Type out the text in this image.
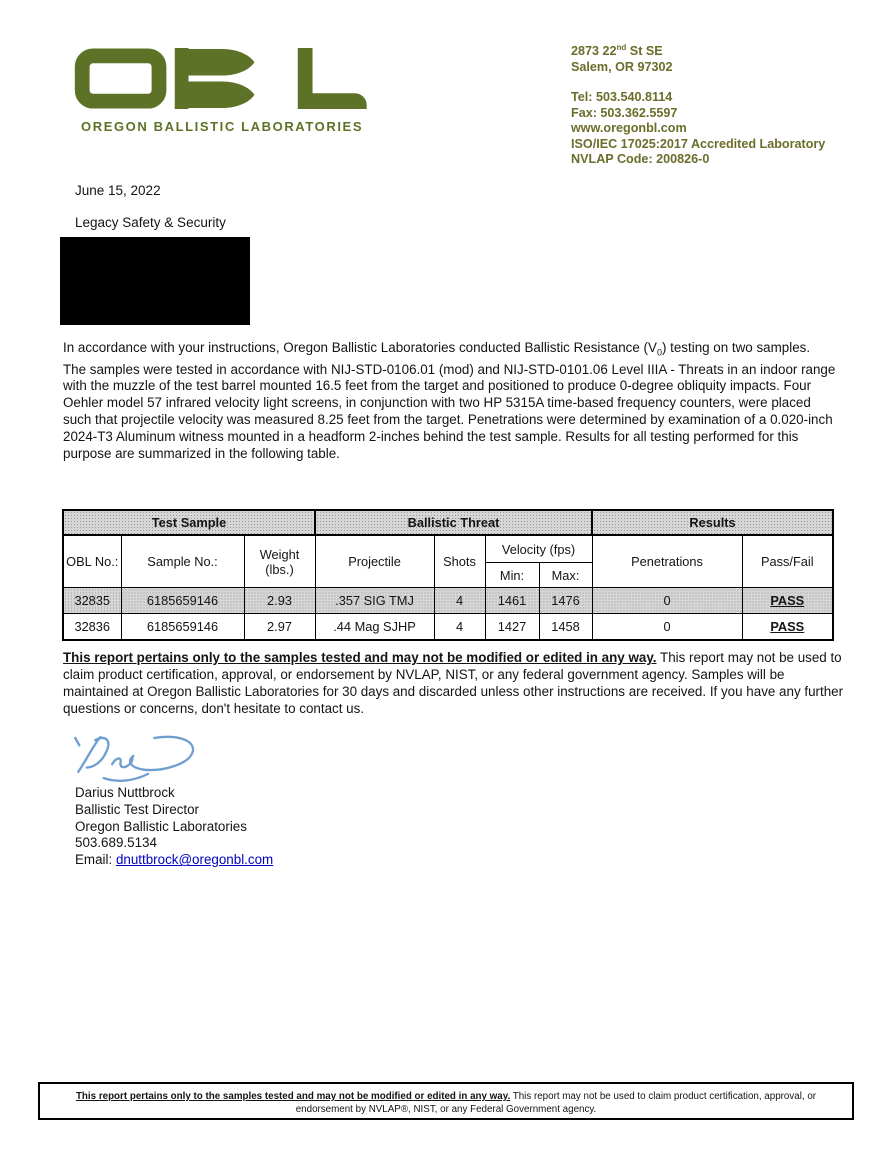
OREGON BALLISTIC LABORATORIES
2873 22nd St SE
Salem, OR 97302
Tel: 503.540.8114
Fax: 503.362.5597
www.oregonbl.com
ISO/IEC 17025:2017 Accredited Laboratory
NVLAP Code: 200826-0
June 15, 2022
Legacy Safety & Security

In accordance with your instructions, Oregon Ballistic Laboratories conducted Ballistic Resistance $(V_0)$ testing on two samples.

The samples were tested in accordance with NIJ-STD-0106.01 (mod) and NIJ-STD-0101.06 Level IIIA - Threats in an indoor range with the muzzle of the test barrel mounted 16.5 feet from the target and positioned to produce 0-degree obliquity impacts. Four Oehler model 57 infrared velocity light screens, in conjunction with two HP 5315A time-based frequency counters, were placed such that projectile velocity was measured 8.25 feet from the target. Penetrations were determined by examination of a 0.020-inch 2024-T3 Aluminum witness mounted in a headform 2-inches behind the test sample. Results for all testing performed for this purpose are summarized in the following table.

Test Sample			Ballistic Threat				Results	
OBL No.:	Sample No.:	Weight (lbs.)	Projectile	Shots	Velocity (fps)		Penetrations	Pass/Fail
					Min:	Max:		
32835	6185659146	2.93	.357 SIG TMJ	4	1461	1476	0	PASS
32836	6185659146	2.97	.44 Mag SJHP	4	1427	1458	0	PASS
This report pertains only to the samples tested and may not be modified or edited in any way. This report may not be used to claim product certification, approval, or endorsement by NVLAP, NIST, or any federal government agency. Samples will be maintained at Oregon Ballistic Laboratories for 30 days and discarded unless other instructions are received. If you have any further questions or concerns, don't hesitate to contact us.
Darius Nuttbrock
Ballistic Test Director
Oregon Ballistic Laboratories
503.689.5134
Email: dnuttbrock@oregonbl.com
This report pertains only to the samples tested and may not be modified or edited in any way. This report may not be used to claim product certification, approval, or endorsement by NVLAP®, NIST, or any Federal Government agency.
